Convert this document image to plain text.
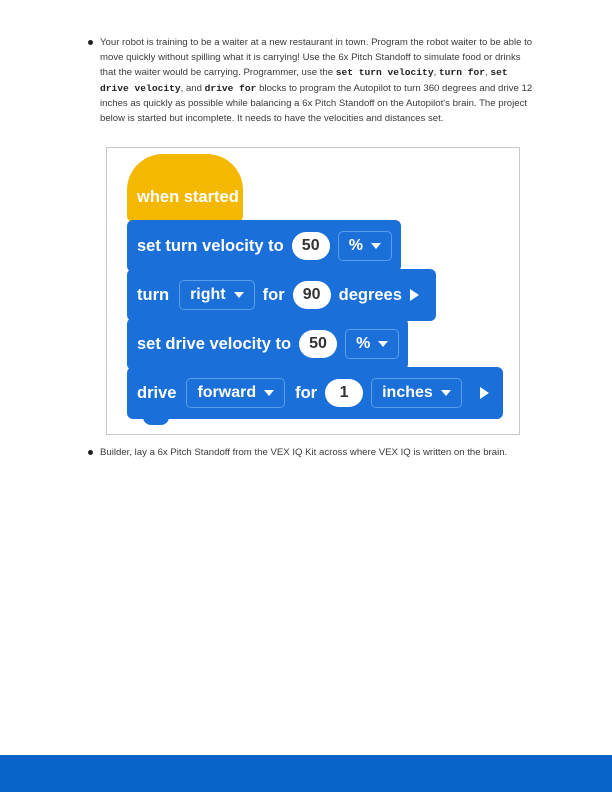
Your robot is training to be a waiter at a new restaurant in town. Program the robot waiter to be able to move quickly without spilling what it is carrying! Use the 6x Pitch Standoff to simulate food or drinks that the waiter would be carrying. Programmer, use the set turn velocity, turn for, set drive velocity, and drive for blocks to program the Autopilot to turn 360 degrees and drive 12 inches as quickly as possible while balancing a 6x Pitch Standoff on the Autopilot's brain. The project below is started but incomplete. It needs to have the velocities and distances set.

when started
set turn velocity to 50 %
turn right for 90 degrees
set drive velocity to 50 %
drive forward for 1 inches

Builder, lay a 6x Pitch Standoff from the VEX IQ Kit across where VEX IQ is written on the brain.
